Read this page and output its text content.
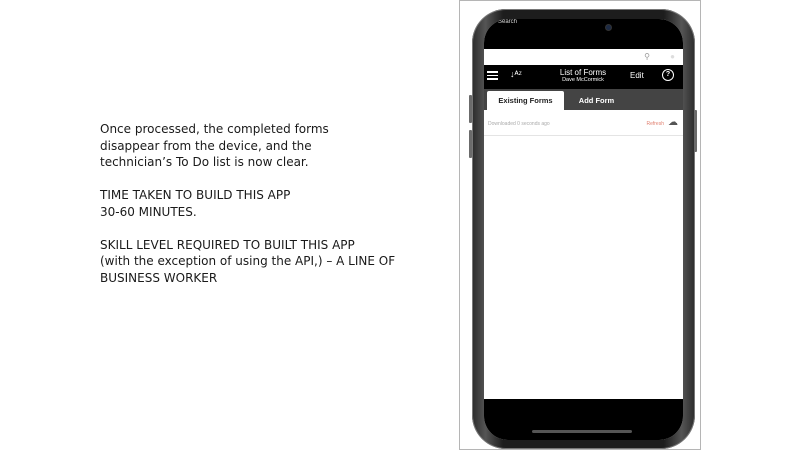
Once processed, the completed forms
disappear from the device, and the
technician’s To Do list is now clear.

TIME TAKEN TO BUILD THIS APP
30-60 MINUTES.

SKILL LEVEL REQUIRED TO BUILT THIS APP
(with the exception of using the API,) – A LINE OF
BUSINESS WORKER

Search
⚲	●
↓ᴬᶻ	List of Forms
Dave McCormick	Edit	?
Existing Forms	Add Form
Downloaded 0 seconds ago	Refresh ☁
